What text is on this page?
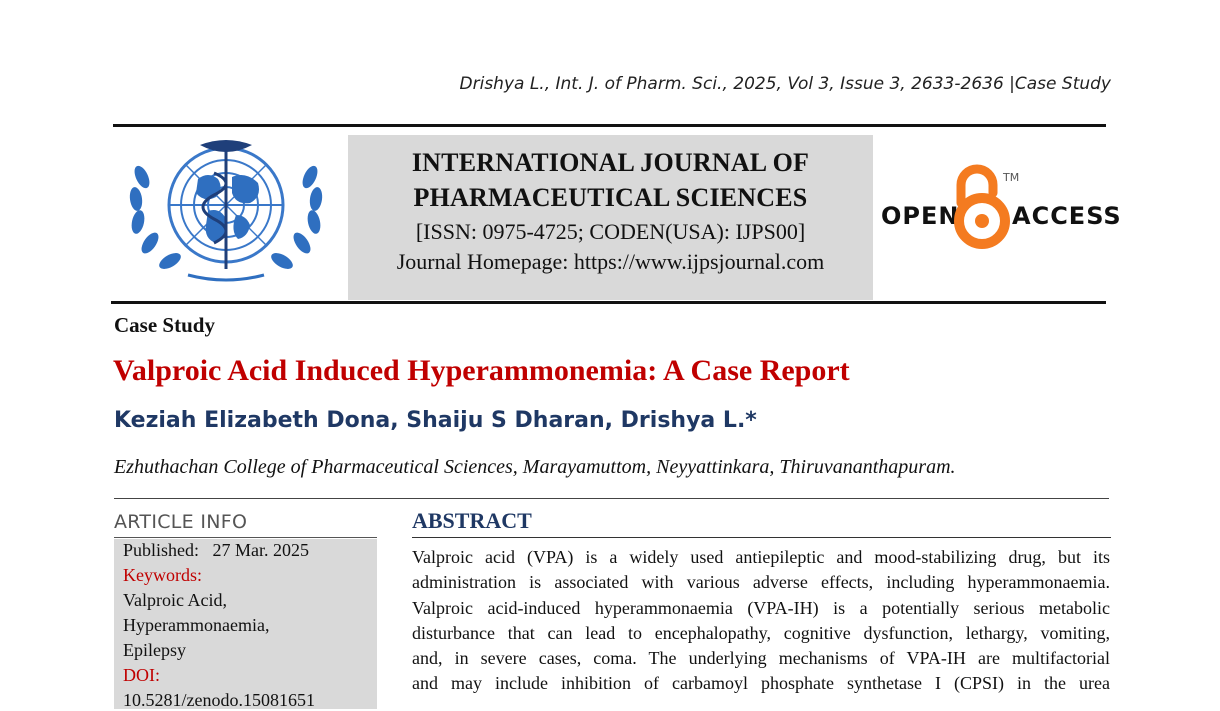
Drishya L., Int. J. of Pharm. Sci., 2025, Vol 3, Issue 3, 2633-2636 |Case Study
INTERNATIONAL JOURNAL OF
PHARMACEUTICAL SCIENCES
[ISSN: 0975-4725; CODEN(USA): IJPS00]
Journal Homepage: https://www.ijpsjournal.com
OPEN ACCESS
TM
Case Study
Valproic Acid Induced Hyperammonemia: A Case Report
Keziah Elizabeth Dona, Shaiju S Dharan, Drishya L.*
Ezhuthachan College of Pharmaceutical Sciences, Marayamuttom, Neyyattinkara, Thiruvananthapuram.
ARTICLE INFO
Published: 27 Mar. 2025
Keywords:
Valproic Acid,
Hyperammonaemia,
Epilepsy
DOI:
10.5281/zenodo.15081651
ABSTRACT
Valproic acid (VPA) is a widely used antiepileptic and mood-stabilizing drug, but its
administration is associated with various adverse effects, including hyperammonaemia.
Valproic acid-induced hyperammonaemia (VPA-IH) is a potentially serious metabolic
disturbance that can lead to encephalopathy, cognitive dysfunction, lethargy, vomiting,
and, in severe cases, coma. The underlying mechanisms of VPA-IH are multifactorial
and may include inhibition of carbamoyl phosphate synthetase I (CPSI) in the urea
